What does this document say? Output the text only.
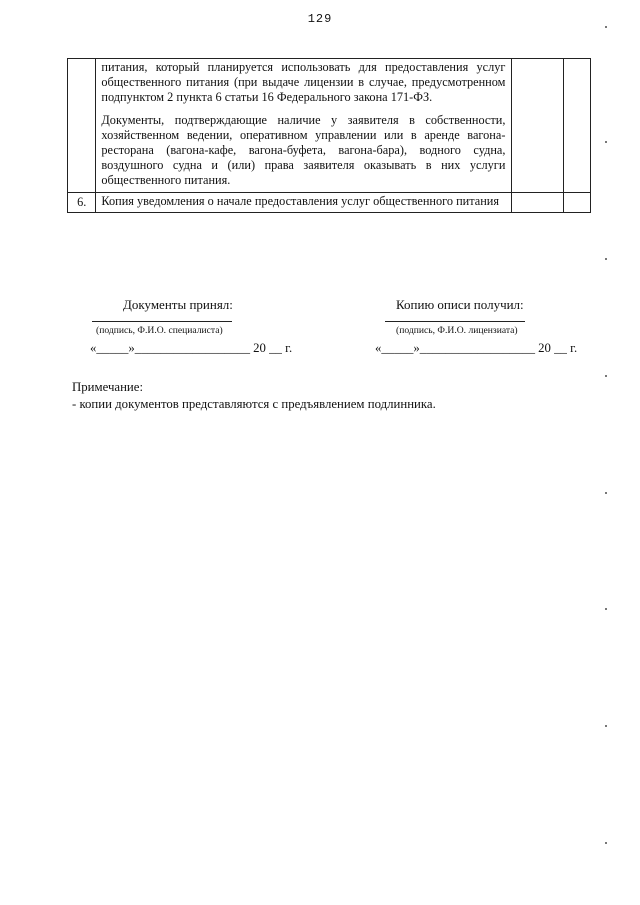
129

	питания, который планируется использовать для предоставления услуг общественного питания (при выдаче лицензии в случае, предусмотренном подпунктом 2 пункта 6 статьи 16 Федерального закона 171-ФЗ.

Документы, подтверждающие наличие у заявителя в собственности, хозяйственном ведении, оперативном управлении или в аренде вагона-ресторана (вагона-кафе, вагона-буфета, вагона-бара), водного судна, воздушного судна и (или) права заявителя оказывать в них услуги общественного питания.		

6.	Копия уведомления о начале предоставления услуг общественного питания		

Документы принял:
(подпись, Ф.И.О. специалиста)
«_____»__________________ 20 __ г.
Копию описи получил:
(подпись, Ф.И.О. лицензиата)
«_____»__________________ 20 __ г.
Примечание:
- копии документов представляются с предъявлением подлинника.
